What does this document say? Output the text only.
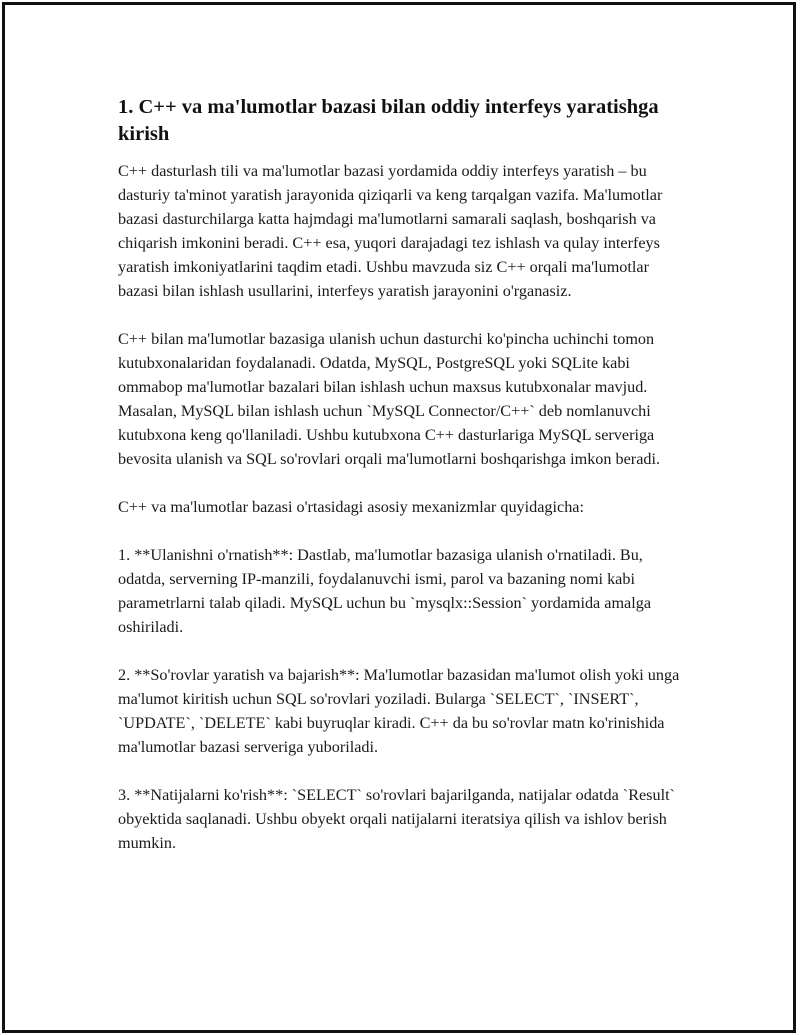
1. C++ va ma'lumotlar bazasi bilan oddiy interfeys yaratishga kirish

C++ dasturlash tili va ma'lumotlar bazasi yordamida oddiy interfeys yaratish – bu dasturiy ta'minot yaratish jarayonida qiziqarli va keng tarqalgan vazifa. Ma'lumotlar bazasi dasturchilarga katta hajmdagi ma'lumotlarni samarali saqlash, boshqarish va chiqarish imkonini beradi. C++ esa, yuqori darajadagi tez ishlash va qulay interfeys yaratish imkoniyatlarini taqdim etadi. Ushbu mavzuda siz C++ orqali ma'lumotlar bazasi bilan ishlash usullarini, interfeys yaratish jarayonini o'rganasiz.

C++ bilan ma'lumotlar bazasiga ulanish uchun dasturchi ko'pincha uchinchi tomon kutubxonalaridan foydalanadi. Odatda, MySQL, PostgreSQL yoki SQLite kabi ommabop ma'lumotlar bazalari bilan ishlash uchun maxsus kutubxonalar mavjud. Masalan, MySQL bilan ishlash uchun `MySQL Connector/C++` deb nomlanuvchi kutubxona keng qo'llaniladi. Ushbu kutubxona C++ dasturlariga MySQL serveriga bevosita ulanish va SQL so'rovlari orqali ma'lumotlarni boshqarishga imkon beradi.

C++ va ma'lumotlar bazasi o'rtasidagi asosiy mexanizmlar quyidagicha:

1. **Ulanishni o'rnatish**: Dastlab, ma'lumotlar bazasiga ulanish o'rnatiladi. Bu, odatda, serverning IP-manzili, foydalanuvchi ismi, parol va bazaning nomi kabi parametrlarni talab qiladi. MySQL uchun bu `mysqlx::Session` yordamida amalga oshiriladi.

2. **So'rovlar yaratish va bajarish**: Ma'lumotlar bazasidan ma'lumot olish yoki unga ma'lumot kiritish uchun SQL so'rovlari yoziladi. Bularga `SELECT`, `INSERT`, `UPDATE`, `DELETE` kabi buyruqlar kiradi. C++ da bu so'rovlar matn ko'rinishida ma'lumotlar bazasi serveriga yuboriladi.

3. **Natijalarni ko'rish**: `SELECT` so'rovlari bajarilganda, natijalar odatda `Result` obyektida saqlanadi. Ushbu obyekt orqali natijalarni iteratsiya qilish va ishlov berish mumkin.
